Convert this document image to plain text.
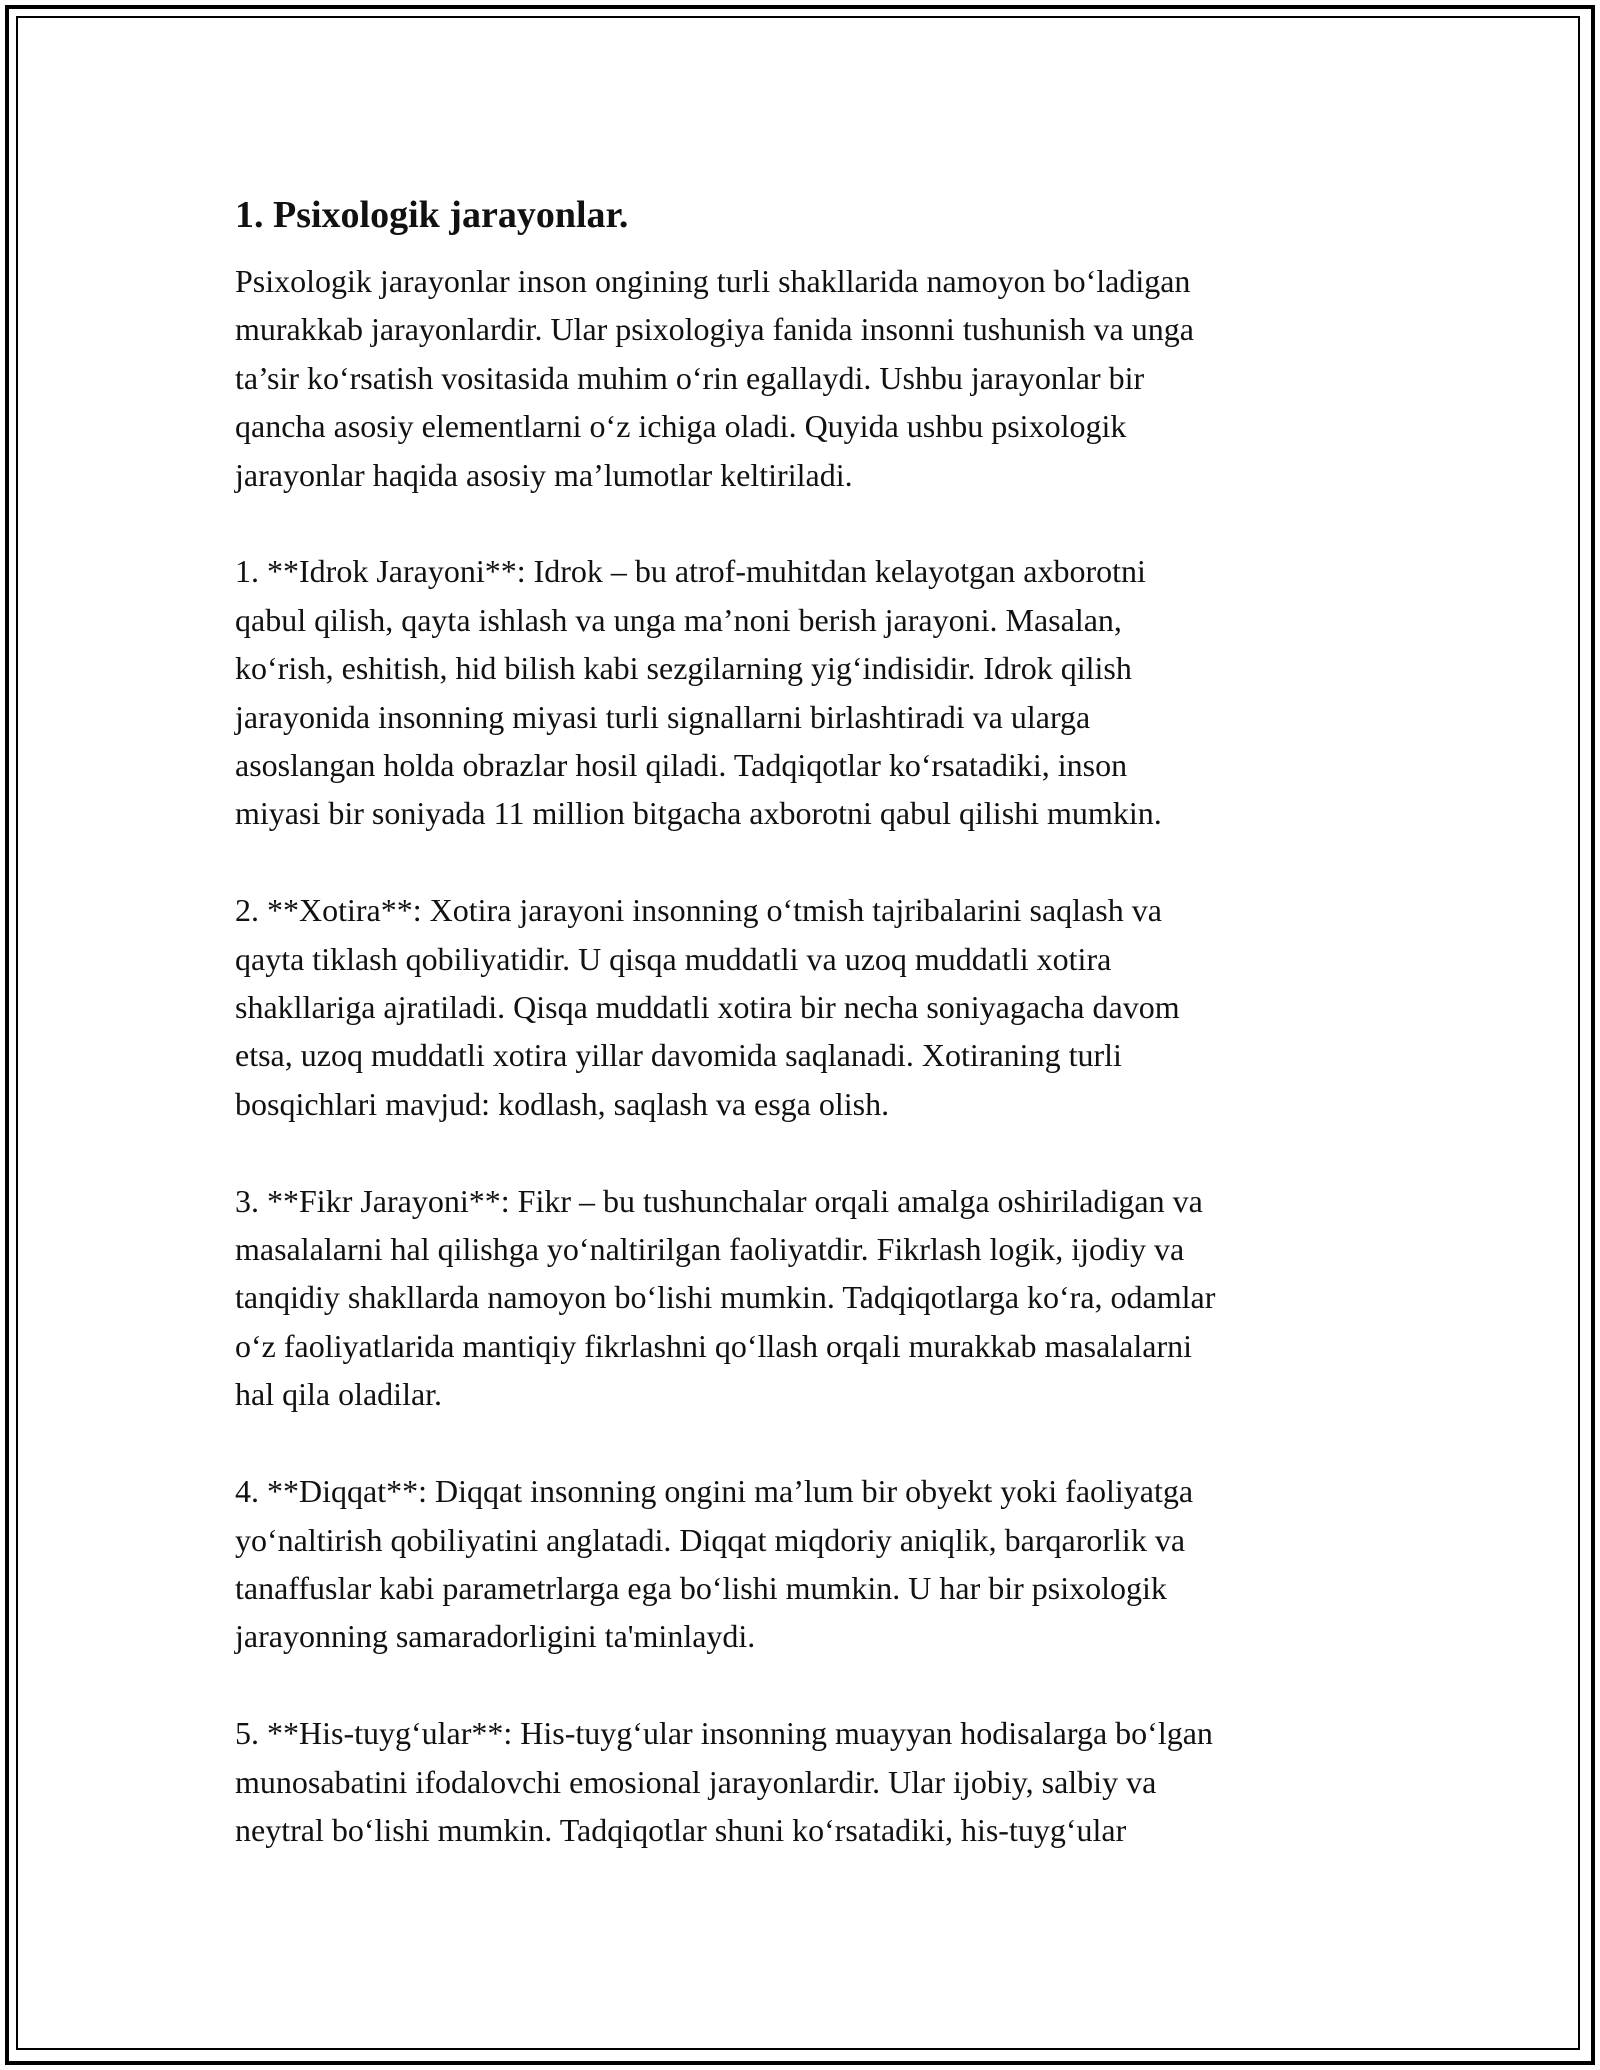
1. Psixologik jarayonlar.

Psixologik jarayonlar inson ongining turli shakllarida namoyon bo‘ladigan
murakkab jarayonlardir. Ular psixologiya fanida insonni tushunish va unga
ta’sir ko‘rsatish vositasida muhim o‘rin egallaydi. Ushbu jarayonlar bir
qancha asosiy elementlarni o‘z ichiga oladi. Quyida ushbu psixologik
jarayonlar haqida asosiy ma’lumotlar keltiriladi.

1. **Idrok Jarayoni**: Idrok – bu atrof-muhitdan kelayotgan axborotni
qabul qilish, qayta ishlash va unga ma’noni berish jarayoni. Masalan,
ko‘rish, eshitish, hid bilish kabi sezgilarning yig‘indisidir. Idrok qilish
jarayonida insonning miyasi turli signallarni birlashtiradi va ularga
asoslangan holda obrazlar hosil qiladi. Tadqiqotlar ko‘rsatadiki, inson
miyasi bir soniyada 11 million bitgacha axborotni qabul qilishi mumkin.

2. **Xotira**: Xotira jarayoni insonning o‘tmish tajribalarini saqlash va
qayta tiklash qobiliyatidir. U qisqa muddatli va uzoq muddatli xotira
shakllariga ajratiladi. Qisqa muddatli xotira bir necha soniyagacha davom
etsa, uzoq muddatli xotira yillar davomida saqlanadi. Xotiraning turli
bosqichlari mavjud: kodlash, saqlash va esga olish.

3. **Fikr Jarayoni**: Fikr – bu tushunchalar orqali amalga oshiriladigan va
masalalarni hal qilishga yo‘naltirilgan faoliyatdir. Fikrlash logik, ijodiy va
tanqidiy shakllarda namoyon bo‘lishi mumkin. Tadqiqotlarga ko‘ra, odamlar
o‘z faoliyatlarida mantiqiy fikrlashni qo‘llash orqali murakkab masalalarni
hal qila oladilar.

4. **Diqqat**: Diqqat insonning ongini ma’lum bir obyekt yoki faoliyatga
yo‘naltirish qobiliyatini anglatadi. Diqqat miqdoriy aniqlik, barqarorlik va
tanaffuslar kabi parametrlarga ega bo‘lishi mumkin. U har bir psixologik
jarayonning samaradorligini ta'minlaydi.

5. **His-tuyg‘ular**: His-tuyg‘ular insonning muayyan hodisalarga bo‘lgan
munosabatini ifodalovchi emosional jarayonlardir. Ular ijobiy, salbiy va
neytral bo‘lishi mumkin. Tadqiqotlar shuni ko‘rsatadiki, his-tuyg‘ular
